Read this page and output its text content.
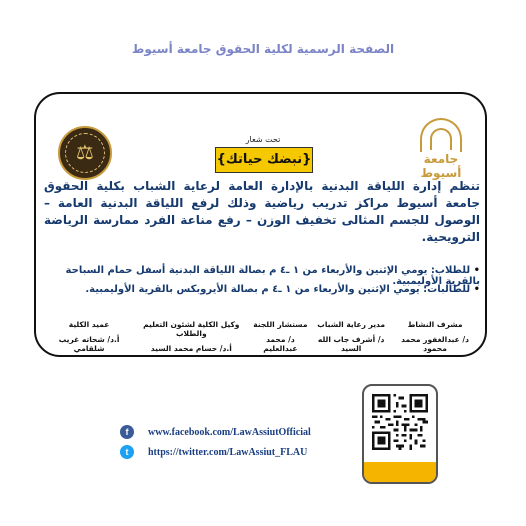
الصفحة الرسمية لكلية الحقوق جامعة أسيوط
⚖	جامعة أسيوط
تحت شعار
{نبضك حياتك}
تنظم إدارة اللياقة البدنية بالإدارة العامة لرعاية الشباب بكلية الحقوق جامعة أسيوط مراكز تدريب رياضية وذلك لرفع اللياقة البدنية العامة – الوصول للجسم المثالى تخفيف الوزن – رفع مناعة الفرد ممارسة الرياضة الترويحية.
• للطلاب: يومي الإثنين والأربعاء من ١ ـ٤ م بصالة اللياقة البدنية أسفل حمام السباحة بالقرية الأوليمبية.
• للطالبات: يومي الإثنين والأربعاء من ١ ـ٤ م بصالة الأيروبكس بالقرية الأوليمبية.
مشرف النشاط
د/ عبدالغفور محمد محمود
مدير رعاية الشباب
د/ أشرف جاب الله السيد
مستشار اللجنة
د/ محمد عبدالعليم
وكيل الكلية لشئون التعليم والطلاب
أ.د/ حسام محمد السيد
عميد الكلية
أ.د/ شحاته غريب شلقامي
f	www.facebook.com/LawAssiutOfficial
t	https://twitter.com/LawAssiut_FLAU
